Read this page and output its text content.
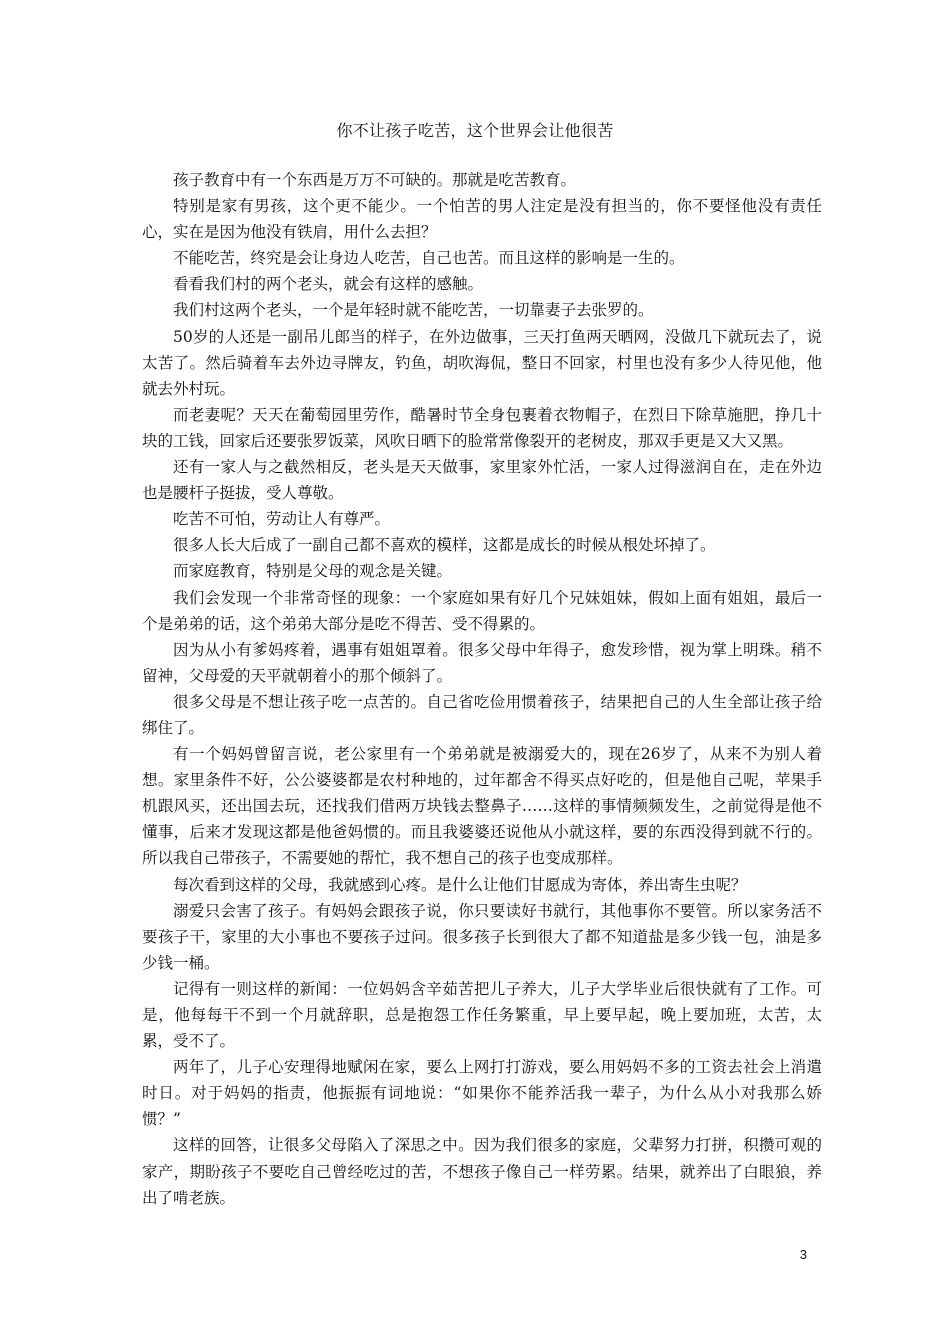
你不让孩子吃苦，这个世界会让他很苦

孩子教育中有一个东西是万万不可缺的。那就是吃苦教育。

特别是家有男孩，这个更不能少。一个怕苦的男人注定是没有担当的，你不要怪他没有责任心，实在是因为他没有铁肩，用什么去担？

不能吃苦，终究是会让身边人吃苦，自己也苦。而且这样的影响是一生的。

看看我们村的两个老头，就会有这样的感触。

我们村这两个老头，一个是年轻时就不能吃苦，一切靠妻子去张罗的。

50岁的人还是一副吊儿郎当的样子，在外边做事，三天打鱼两天晒网，没做几下就玩去了，说太苦了。然后骑着车去外边寻牌友，钓鱼，胡吹海侃，整日不回家，村里也没有多少人待见他，他就去外村玩。

而老妻呢？天天在葡萄园里劳作，酷暑时节全身包裹着衣物帽子，在烈日下除草施肥，挣几十块的工钱，回家后还要张罗饭菜，风吹日晒下的脸常常像裂开的老树皮，那双手更是又大又黑。

还有一家人与之截然相反，老头是天天做事，家里家外忙活，一家人过得滋润自在，走在外边也是腰杆子挺拔，受人尊敬。

吃苦不可怕，劳动让人有尊严。

很多人长大后成了一副自己都不喜欢的模样，这都是成长的时候从根处坏掉了。

而家庭教育，特别是父母的观念是关键。

我们会发现一个非常奇怪的现象：一个家庭如果有好几个兄妹姐妹，假如上面有姐姐，最后一个是弟弟的话，这个弟弟大部分是吃不得苦、受不得累的。

因为从小有爹妈疼着，遇事有姐姐罩着。很多父母中年得子，愈发珍惜，视为掌上明珠。稍不留神，父母爱的天平就朝着小的那个倾斜了。

很多父母是不想让孩子吃一点苦的。自己省吃俭用惯着孩子，结果把自己的人生全部让孩子给绑住了。

有一个妈妈曾留言说，老公家里有一个弟弟就是被溺爱大的，现在26岁了，从来不为别人着想。家里条件不好，公公婆婆都是农村种地的，过年都舍不得买点好吃的，但是他自己呢，苹果手机跟风买，还出国去玩，还找我们借两万块钱去整鼻子……这样的事情频频发生，之前觉得是他不懂事，后来才发现这都是他爸妈惯的。而且我婆婆还说他从小就这样，要的东西没得到就不行的。所以我自己带孩子，不需要她的帮忙，我不想自己的孩子也变成那样。

每次看到这样的父母，我就感到心疼。是什么让他们甘愿成为寄体，养出寄生虫呢？

溺爱只会害了孩子。有妈妈会跟孩子说，你只要读好书就行，其他事你不要管。所以家务活不要孩子干，家里的大小事也不要孩子过问。很多孩子长到很大了都不知道盐是多少钱一包，油是多少钱一桶。

记得有一则这样的新闻：一位妈妈含辛茹苦把儿子养大，儿子大学毕业后很快就有了工作。可是，他每每干不到一个月就辞职，总是抱怨工作任务繁重，早上要早起，晚上要加班，太苦，太累，受不了。

两年了，儿子心安理得地赋闲在家，要么上网打打游戏，要么用妈妈不多的工资去社会上消遣时日。对于妈妈的指责，他振振有词地说：“如果你不能养活我一辈子，为什么从小对我那么娇惯？”

这样的回答，让很多父母陷入了深思之中。因为我们很多的家庭，父辈努力打拼，积攒可观的家产，期盼孩子不要吃自己曾经吃过的苦，不想孩子像自己一样劳累。结果，就养出了白眼狼，养出了啃老族。

3
